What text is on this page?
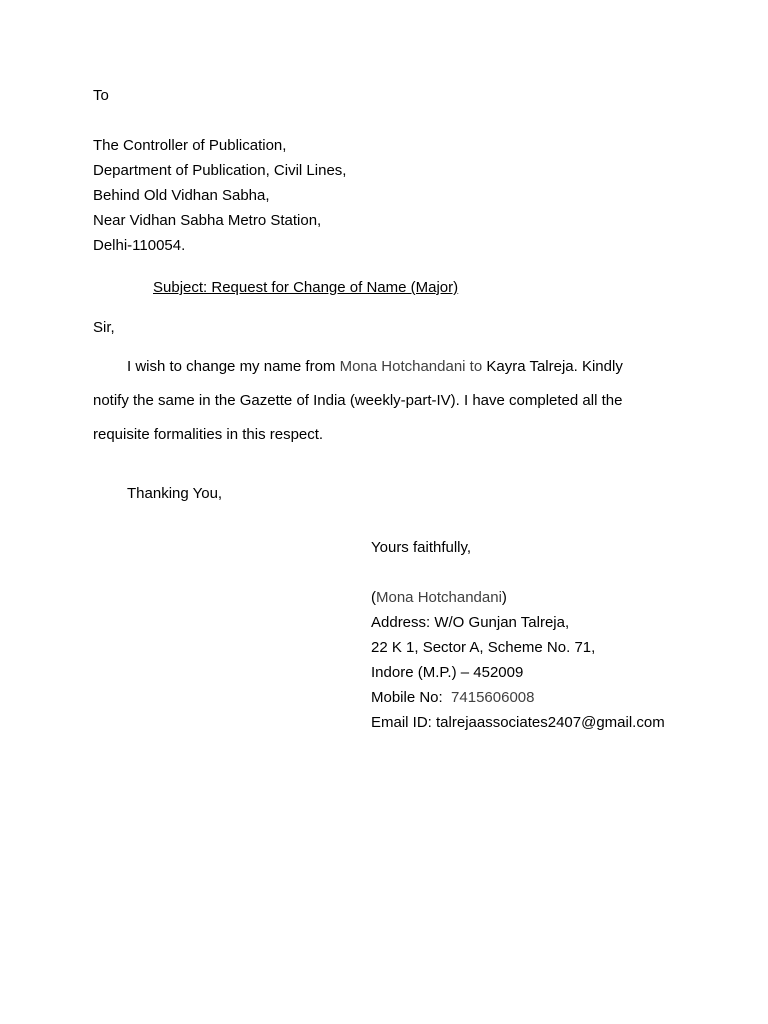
To
The Controller of Publication,
Department of Publication, Civil Lines,
Behind Old Vidhan Sabha,
Near Vidhan Sabha Metro Station,
Delhi-110054.
Subject: Request for Change of Name (Major)
Sir,
I wish to change my name from Mona Hotchandani to Kayra Talreja. Kindly
notify the same in the Gazette of India (weekly-part-IV). I have completed all the
requisite formalities in this respect.
Thanking You,
Yours faithfully,
(Mona Hotchandani)
Address: W/O Gunjan Talreja,
22 K 1, Sector A, Scheme No. 71,
Indore (M.P.) – 452009
Mobile No:  7415606008
Email ID: talrejaassociates2407@gmail.com
